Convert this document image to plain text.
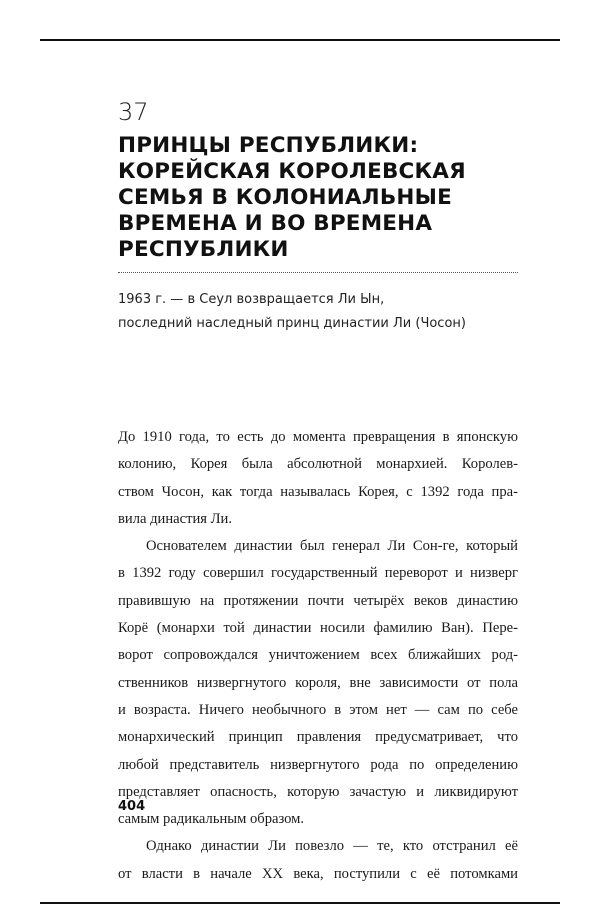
37
ПРИНЦЫ РЕСПУБЛИКИ:
КОРЕЙСКАЯ КОРОЛЕВСКАЯ
СЕМЬЯ В КОЛОНИАЛЬНЫЕ
ВРЕМЕНА И ВО ВРЕМЕНА
РЕСПУБЛИКИ
1963 г. — в Сеул возвращается Ли Ын,
последний наследный принц династии Ли (Чосон)
До 1910 года, то есть до момента превращения в японскую
колонию, Корея была абсолютной монархией. Королев-
ством Чосон, как тогда называлась Корея, с 1392 года пра-
вила династия Ли.
Основателем династии был генерал Ли Сон-ге, который
в 1392 году совершил государственный переворот и низверг
правившую на протяжении почти четырёх веков династию
Корё (монархи той династии носили фамилию Ван). Пере-
ворот сопровождался уничтожением всех ближайших род-
ственников низвергнутого короля, вне зависимости от пола
и возраста. Ничего необычного в этом нет — сам по себе
монархический принцип правления предусматривает, что
любой представитель низвергнутого рода по определению
представляет опасность, которую зачастую и ликвидируют
самым радикальным образом.
Однако династии Ли повезло — те, кто отстранил её
от власти в начале XX века, поступили с её потомками
404
